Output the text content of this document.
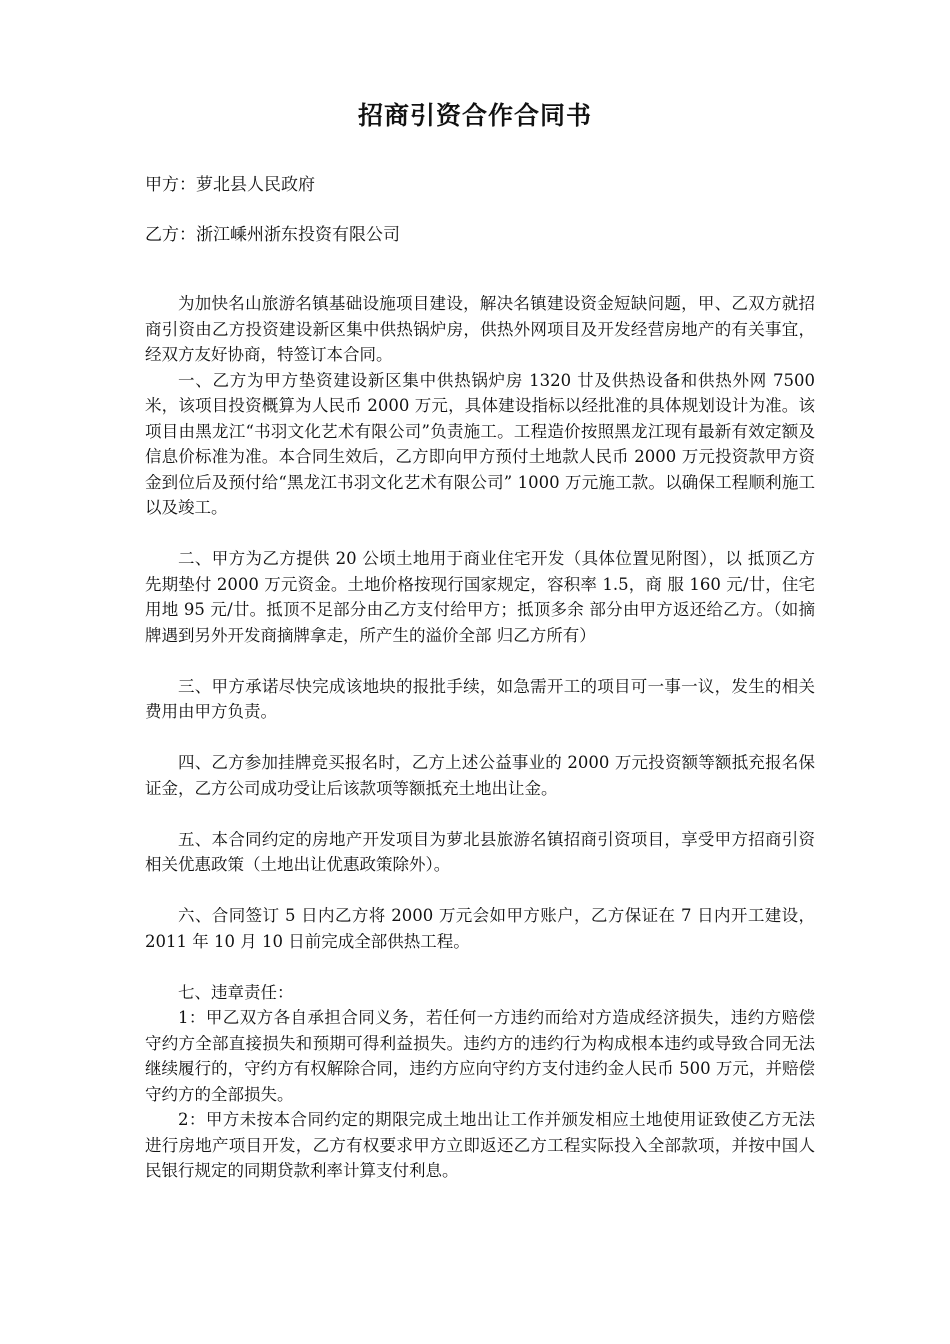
招商引资合作合同书
甲方：萝北县人民政府
乙方：浙江嵊州浙东投资有限公司

为加快名山旅游名镇基础设施项目建设，解决名镇建设资金短缺问题，甲、乙双方就招商引资由乙方投资建设新区集中供热锅炉房，供热外网项目及开发经营房地产的有关事宜，经双方友好协商，特签订本合同。

一、乙方为甲方垫资建设新区集中供热锅炉房 1320 廿及供热设备和供热外网 7500 米，该项目投资概算为人民币 2000 万元，具体建设指标以经批准的具体规划设计为准。该项目由黑龙江“书羽文化艺术有限公司”负责施工。工程造价按照黑龙江现有最新有效定额及信息价标准为准。本合同生效后，乙方即向甲方预付土地款人民币 2000 万元投资款甲方资金到位后及预付给“黑龙江书羽文化艺术有限公司” 1000 万元施工款。以确保工程顺利施工以及竣工。

二、甲方为乙方提供 20 公顷土地用于商业住宅开发（具体位置见附图），以 抵顶乙方先期垫付 2000 万元资金。土地价格按现行国家规定，容积率 1.5，商 服 160 元/廿，住宅用地 95 元/廿。抵顶不足部分由乙方支付给甲方；抵顶多余 部分由甲方返还给乙方。（如摘牌遇到另外开发商摘牌拿走，所产生的溢价全部 归乙方所有）

三、甲方承诺尽快完成该地块的报批手续，如急需开工的项目可一事一议，发生的相关费用由甲方负责。

四、乙方参加挂牌竞买报名时，乙方上述公益事业的 2000 万元投资额等额抵充报名保证金，乙方公司成功受让后该款项等额抵充土地出让金。

五、本合同约定的房地产开发项目为萝北县旅游名镇招商引资项目，享受甲方招商引资相关优惠政策（土地出让优惠政策除外）。

六、合同签订 5 日内乙方将 2000 万元会如甲方账户，乙方保证在 7 日内开工建设，2011 年 10 月 10 日前完成全部供热工程。

七、违章责任：

1：甲乙双方各自承担合同义务，若任何一方违约而给对方造成经济损失，违约方赔偿守约方全部直接损失和预期可得利益损失。违约方的违约行为构成根本违约或导致合同无法继续履行的，守约方有权解除合同，违约方应向守约方支付违约金人民币 500 万元，并赔偿守约方的全部损失。

2：甲方未按本合同约定的期限完成土地出让工作并颁发相应土地使用证致使乙方无法进行房地产项目开发，乙方有权要求甲方立即返还乙方工程实际投入全部款项，并按中国人民银行规定的同期贷款利率计算支付利息。
